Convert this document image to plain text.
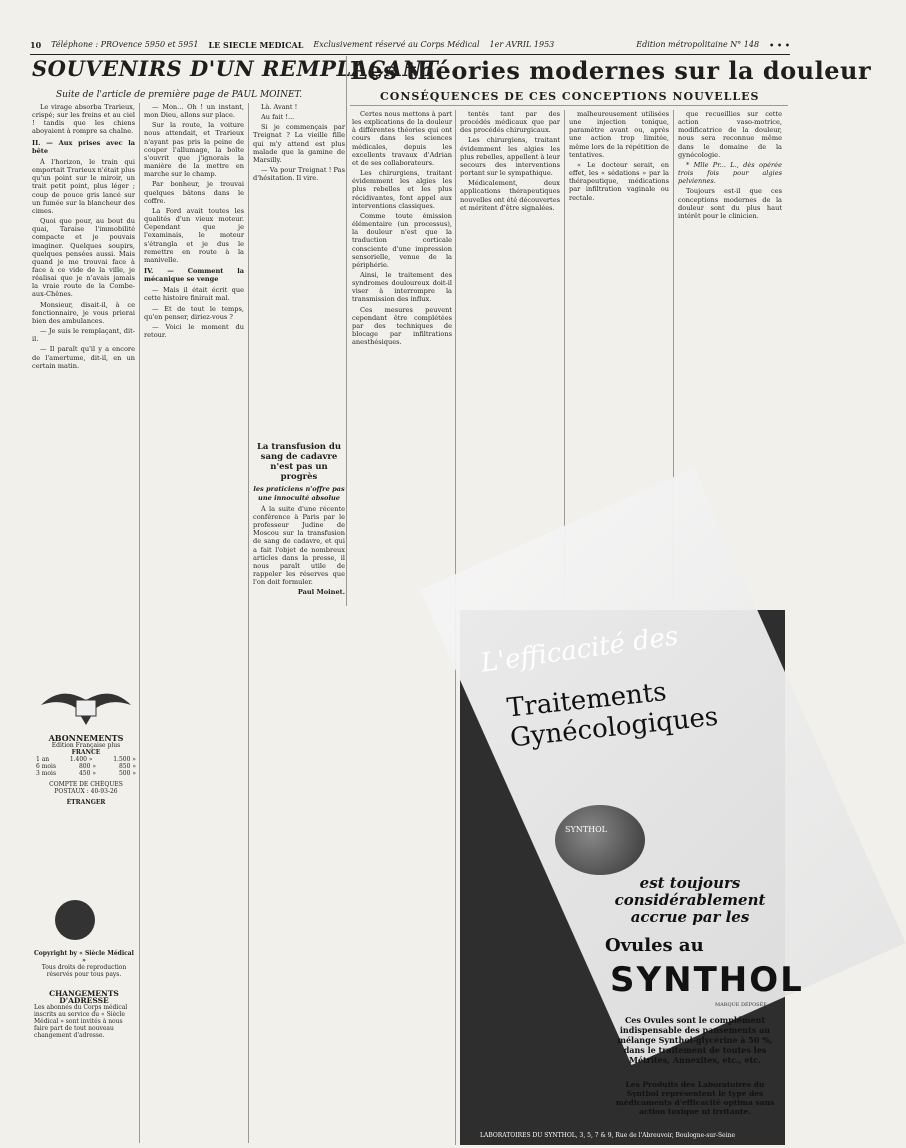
10 Téléphone : PROvence 5950 et 5951 LE SIECLE MEDICAL Exclusivement réservé au Corps Médical 1er AVRIL 1953	Edition métropolitaine N° 148 • • •
SOUVENIRS D'UN REMPLAÇANT
Suite de l'article de première page de PAUL MOINET.
Les théories modernes sur la douleur
CONSÉQUENCES DE CES CONCEPTIONS NOUVELLES

Le virage absorba Trarieux, crispé; sur les freins et au ciel ! tandis que les chiens aboyaient à rompre sa chaîne.

II. — Aux prises avec la bête

À l'horizon, le train qui emportait Trarieux n'était plus qu'un point sur le miroir, un trait petit point, plus léger ; coup de pouce gris lancé sur un fumée sur la blancheur des cimes.

Quoi que pour, au bout du quai, Taraise l'immobilité compacte et je pouvais imaginer. Quelques soupirs, quelques pensées aussi. Mais quand je me trouvai face à face à ce vide de la ville, je réalisai que je n'avais jamais la vraie route de la Combe-aux-Chênes.

Monsieur, disait-il, à ce fonctionnaire, je vous prierai bien des ambulances.

— Je suis le remplaçant, dit-il.

— Il paraît qu'il y a encore de l'amertume, dit-il, en un certain matin.

ABONNEMENTS
Edition Française plus
FRANCE
1 an	1.400 »	1.500 »
6 mois	800 »	850 »
3 mois	450 »	500 »
COMPTE DE CHÈQUES POSTAUX : 40-93-26
ÉTRANGER
Copyright by « Siècle Médical »
Tous droits de reproduction réservés pour tous pays.
CHANGEMENTS D'ADRESSE
Les abonnés du Corps médical inscrits au service du « Siècle Médical » sont invités à nous faire part de tout nouveau changement d'adresse.

— Mon... Oh ! un instant, mon Dieu, allons sur place.

Sur la route, la voiture nous attendait, et Trarieux n'ayant pas pris la peine de couper l'allumage, la boîte s'ouvrit que j'ignorais la manière de la mettre en marche sur le champ.

Par bonheur, je trouvai quelques bâtons dans le coffre.

La Ford avait toutes les qualités d'un vieux moteur. Cependant que je l'examinais, le moteur s'étrangla et je dus le remettre en route à la manivelle.

IV. — Comment la mécanique se venge

— Mais il était écrit que cette histoire finirait mal.

— Et de tout le temps, qu'en penser, diriez-vous ?

— Voici le moment du retour.

Là. Avant !

Au fait !...

Si je commençais par Treignat ? La vieille fille qui m'y attend est plus malade que la gamine de Marsilly.

— Va pour Treignat ! Pas d'hésitation. Il vire.

La transfusion du sang de cadavre n'est pas un progrès

les praticiens n'offre pas une innocuité absolue

À la suite d'une récente conférence à Paris par le professeur Judine de Moscou sur la transfusion de sang de cadavre, et qui a fait l'objet de nombreux articles dans la presse, il nous paraît utile de rappeler les réserves que l'on doit formuler.

Paul Moinet.

Certes nous mettons à part les explications de la douleur à différentes théories qui ont cours dans les sciences médicales, depuis les excellents travaux d'Adrian et de ses collaborateurs.

Les chirurgiens, traitant évidemment les algies les plus rebelles et les plus récidivantes, font appel aux interventions classiques.

Comme toute émission élémentaire (un processus), la douleur n'est que la traduction corticale consciente d'une impression sensorielle, venue de la périphérie.

Ainsi, le traitement des syndromes douloureux doit-il viser à interrompre la transmission des influx.

Ces mesures peuvent cependant être complétées par des techniques de blocage par infiltrations anesthésiques.

tentés tant par des procédés médicaux que par des procédés chirurgicaux.

Les chirurgiens, traitant évidemment les algies les plus rebelles, appellent à leur secours des interventions portant sur le sympathique.

Médicalement, deux applications thérapeutiques nouvelles ont été découvertes et méritent d'être signalées.

malheureusement utilisées une injection tonique, paramètre avant ou, après une action trop limitée, même lors de la répétition de tentatives.

« Le docteur serait, en effet, les « sédations » par la thérapeutique, médications par infiltration vaginale ou rectale.

que recueillies sur cette action vaso-motrice, modificatrice de la douleur, nous sera reconnue même dans le domaine de la gynécologie.

* Mlle Pr... L., dès opérée trois fois pour algies pelviennes.

Toujours est-il que ces conceptions modernes de la douleur sont du plus haut intérêt pour le clinicien.

L'efficacité des
Traitements Gynécologiques
SYNTHOL
est toujours considérablement accrue par les
Ovules au
SYNTHOL
MARQUE DÉPOSÉE
Ces Ovules sont le complément indispensable des pansements au mélange Synthol-glycérine à 50 %, dans le traitement de toutes les Métrites, Annexites, etc., etc.
Les Produits des Laboratoires du Synthol représentent le type des médicaments d'efficacité optima sans action toxique ni irritante.
LABORATOIRES DU SYNTHOL, 3, 5, 7 & 9, Rue de l'Abreuvoir, Boulogne-sur-Seine
